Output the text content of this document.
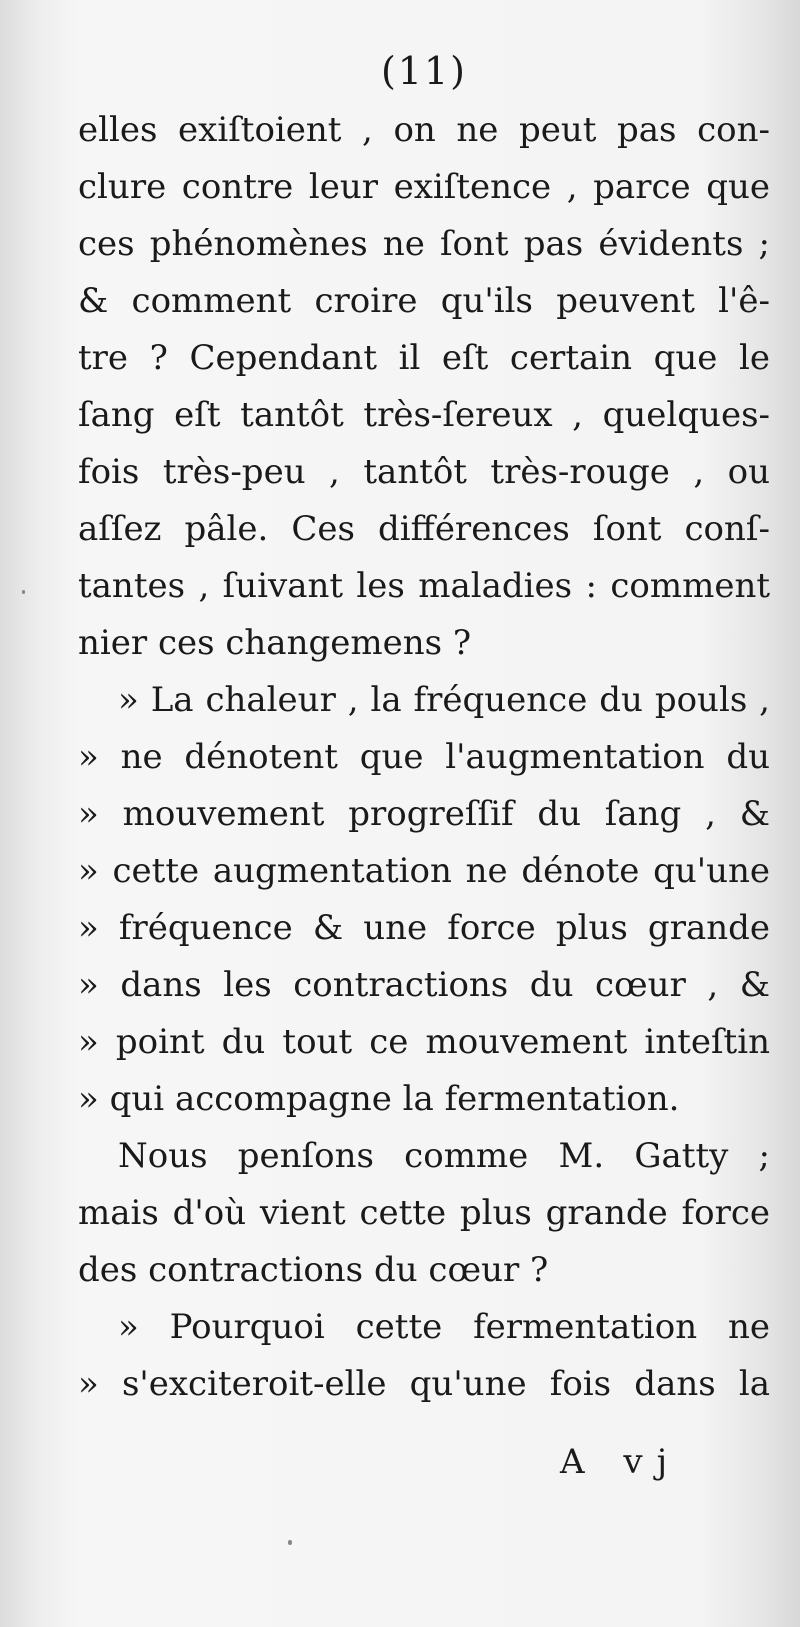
(11)
elles exiſtoient , on ne peut pas con-
clure contre leur exiſtence , parce que
ces phénomènes ne ſont pas évidents ;
& comment croire qu'ils peuvent l'ê-
tre ? Cependant il eſt certain que le
ſang eſt tantôt très-ſereux , quelques-
fois très-peu , tantôt très-rouge , ou
aſſez pâle. Ces différences ſont conſ-
tantes , ſuivant les maladies : comment
nier ces changemens ?
» La chaleur , la fréquence du pouls ,
» ne dénotent que l'augmentation du
» mouvement progreſſif du ſang , &
» cette augmentation ne dénote qu'une
» fréquence & une force plus grande
» dans les contractions du cœur , &
» point du tout ce mouvement inteſtin
» qui accompagne la fermentation.
Nous penſons comme M. Gatty ;
mais d'où vient cette plus grande force
des contractions du cœur ?
» Pourquoi cette fermentation ne
» s'exciteroit-elle qu'une fois dans la
A vj
